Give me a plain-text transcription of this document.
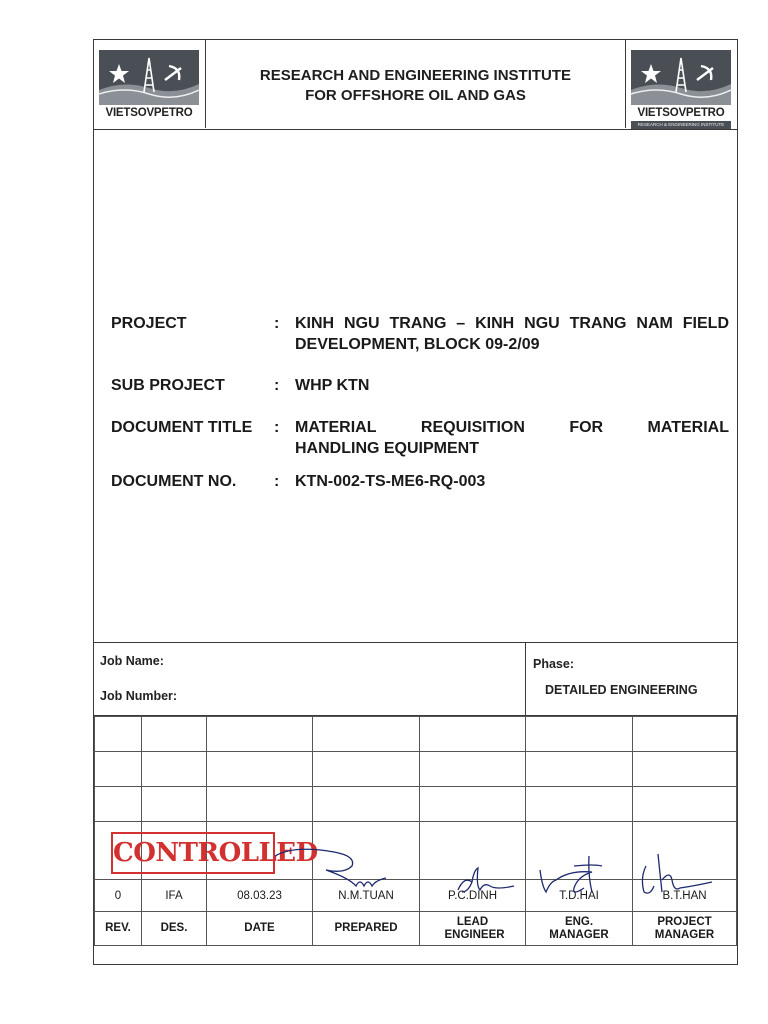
VIETSOVPETRO
RESEARCH AND ENGINEERING INSTITUTE
FOR OFFSHORE OIL AND GAS
VIETSOVPETRO
RESEARCH & ENGINEERING INSTITUTE
PROJECT	: KINH NGU TRANG – KINH NGU TRANG NAM FIELD DEVELOPMENT, BLOCK 09-2/09
SUB PROJECT	: WHP KTN
DOCUMENT TITLE	: MATERIAL	REQUISITION	FOR	MATERIAL
HANDLING EQUIPMENT
DOCUMENT NO.	: KTN-002-TS-ME6-RQ-003
Job Name:
Job Number:
Phase:
DETAILED ENGINEERING

0	IFA	08.03.23	N.M.TUAN	P.C.DINH	T.D.HAI	B.T.HAN
REV.	DES.	DATE	PREPARED	LEAD ENGINEER	ENG. MANAGER	PROJECT MANAGER
CONTROLLED
